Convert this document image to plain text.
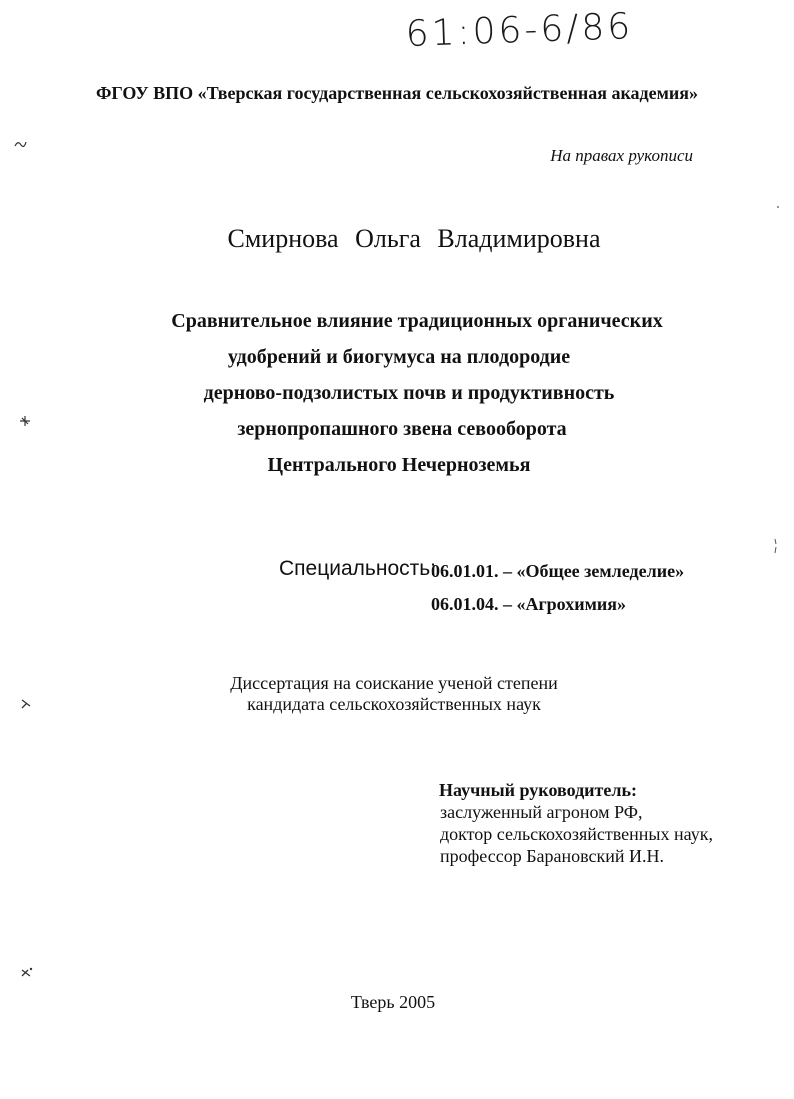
61:06-6/86
ФГОУ ВПО «Тверская государственная сельскохозяйственная академия»
На правах рукописи
Смирнова Ольга Владимировна
Сравнительное влияние традиционных органических
удобрений и биогумуса на плодородие
дерново-подзолистых почв и продуктивность
зернопропашного звена севооборота
Центрального Нечерноземья
Специальность:
06.01.01. – «Общее земледелие»
06.01.04. – «Агрохимия»
Диссертация на соискание ученой степени
кандидата сельскохозяйственных наук
Научный руководитель:
заслуженный агроном РФ,
доктор сельскохозяйственных наук,
профессор Барановский И.Н.
Тверь 2005
